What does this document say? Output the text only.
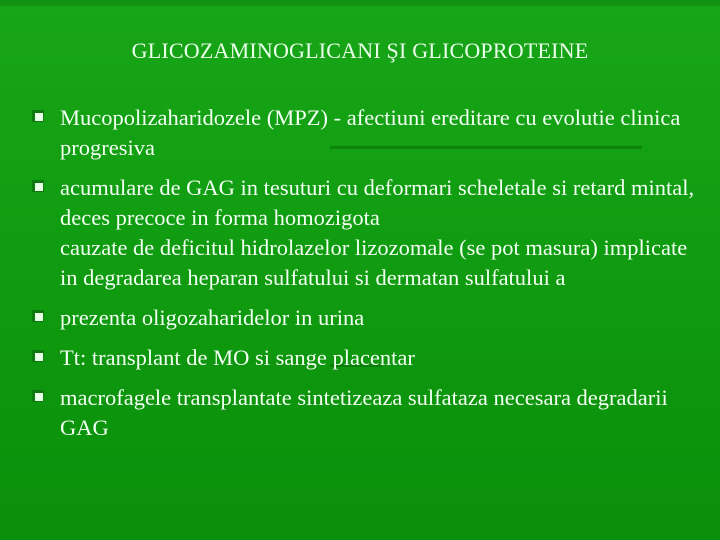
GLICOZAMINOGLICANI ŞI GLICOPROTEINE
Mucopolizaharidozele (MPZ) - afectiuni ereditare cu evolutie clinica progresiva
acumulare de GAG in tesuturi cu deformari scheletale si retard mintal, deces precoce in forma homozigota
cauzate de deficitul hidrolazelor lizozomale (se pot masura) implicate in degradarea heparan sulfatului si dermatan sulfatului a
prezenta oligozaharidelor in urina
Tt: transplant de MO si sange placentar
macrofagele transplantate sintetizeaza sulfataza necesara degradarii GAG
